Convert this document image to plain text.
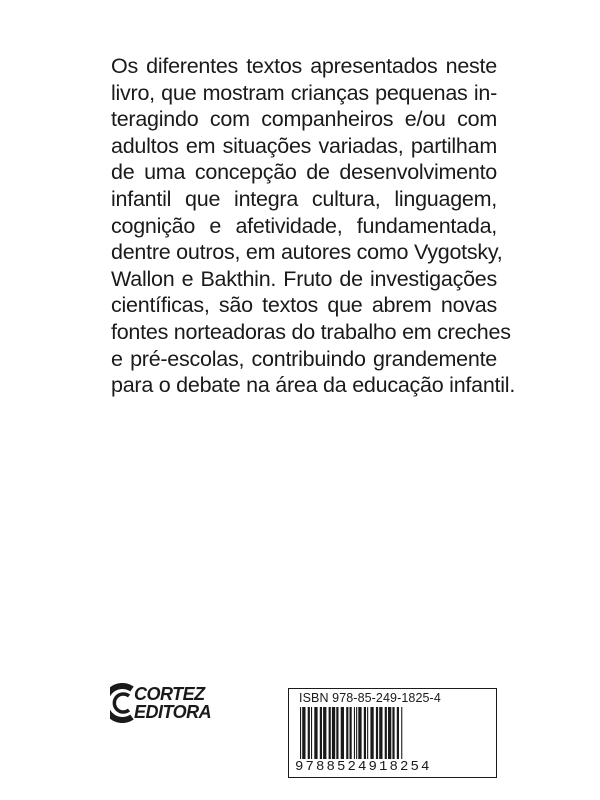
Os diferentes textos apresentados neste
livro, que mostram crianças pequenas in-
teragindo com companheiros e/ou com
adultos em situações variadas, partilham
de uma concepção de desenvolvimento
infantil que integra cultura, linguagem,
cognição e afetividade, fundamentada,
dentre outros, em autores como Vygotsky,
Wallon e Bakthin. Fruto de investigações
científicas, são textos que abrem novas
fontes norteadoras do trabalho em creches
e pré-escolas, contribuindo grandemente
para o debate na área da educação infantil.
CORTEZ
EDITORA
ISBN 978-85-249-1825-4
9788524918254
